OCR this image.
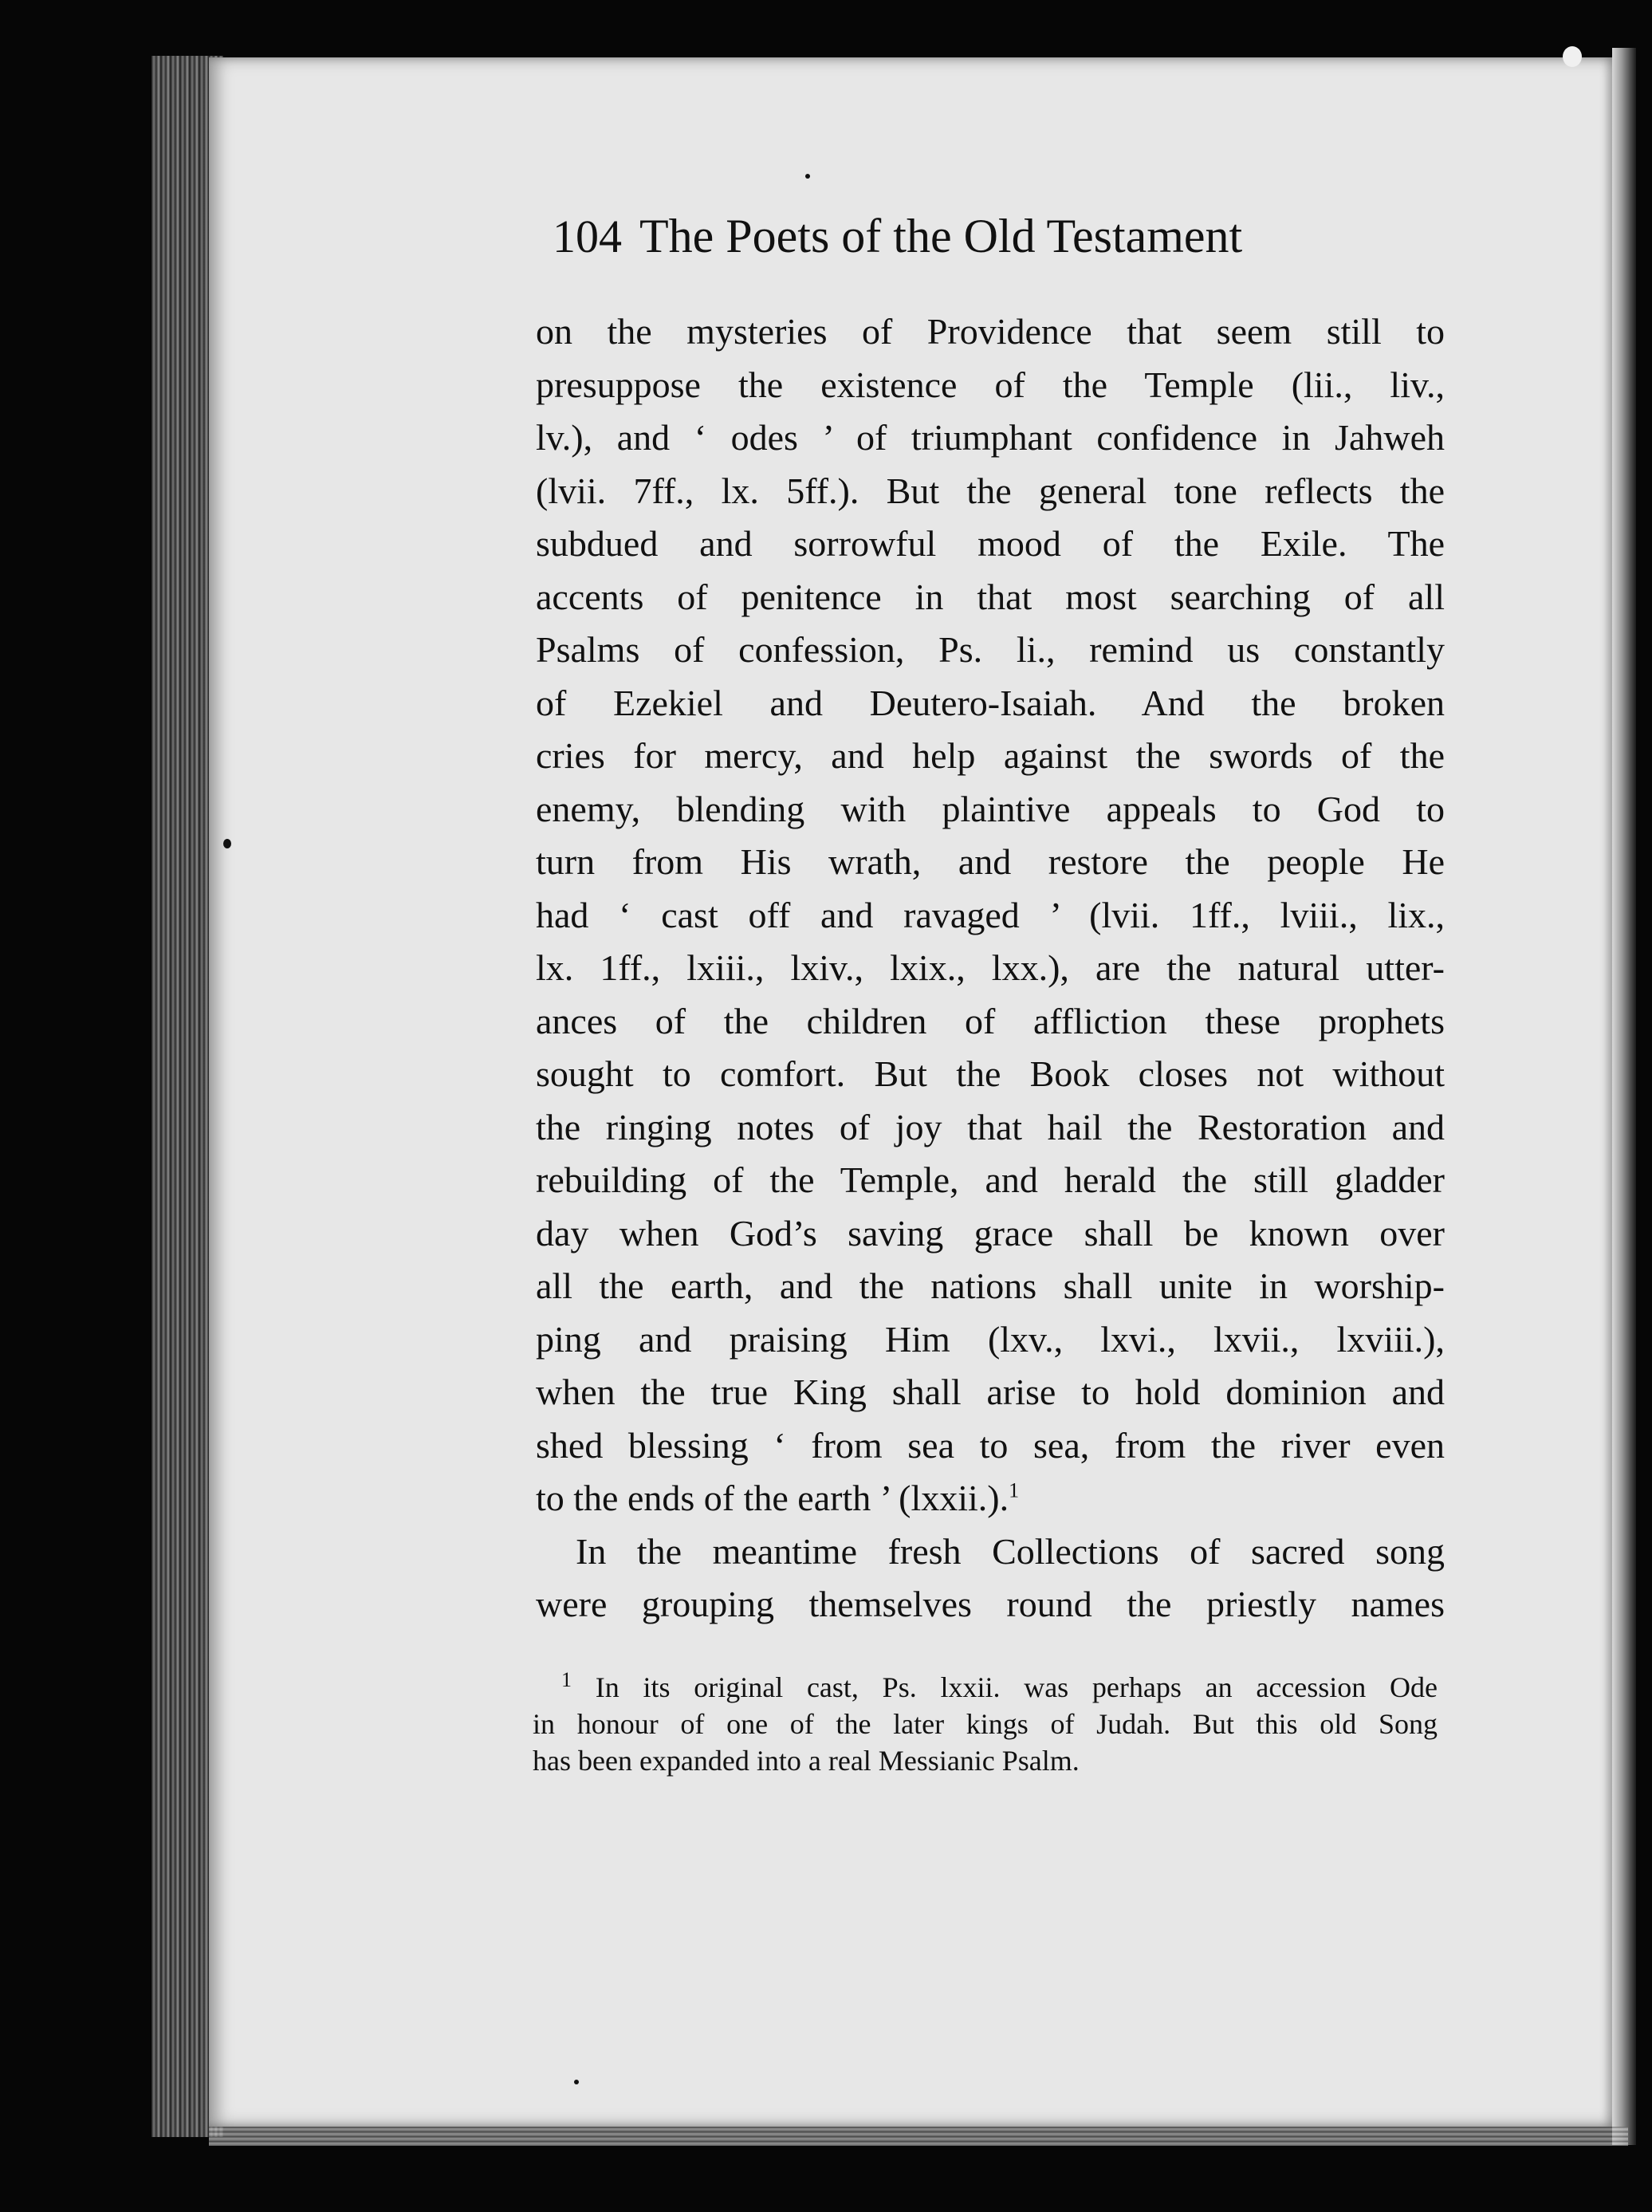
104 The Poets of the Old Testament
on the mysteries of Providence that seem still to
presuppose the existence of the Temple (lii., liv.,
lv.), and ‘ odes ’ of triumphant confidence in Jahweh
(lvii. 7ff., lx. 5ff.). But the general tone reflects the
subdued and sorrowful mood of the Exile. The
accents of penitence in that most searching of all
Psalms of confession, Ps. li., remind us constantly
of Ezekiel and Deutero-Isaiah. And the broken
cries for mercy, and help against the swords of the
enemy, blending with plaintive appeals to God to
turn from His wrath, and restore the people He
had ‘ cast off and ravaged ’ (lvii. 1ff., lviii., lix.,
lx. 1ff., lxiii., lxiv., lxix., lxx.), are the natural utter-
ances of the children of affliction these prophets
sought to comfort. But the Book closes not without
the ringing notes of joy that hail the Restoration and
rebuilding of the Temple, and herald the still gladder
day when God’s saving grace shall be known over
all the earth, and the nations shall unite in worship-
ping and praising Him (lxv., lxvi., lxvii., lxviii.),
when the true King shall arise to hold dominion and
shed blessing ‘ from sea to sea, from the river even
to the ends of the earth ’ (lxxii.).$^1$
In the meantime fresh Collections of sacred song
were grouping themselves round the priestly names
$^1$ In its original cast, Ps. lxxii. was perhaps an accession Ode
in honour of one of the later kings of Judah. But this old Song
has been expanded into a real Messianic Psalm.
